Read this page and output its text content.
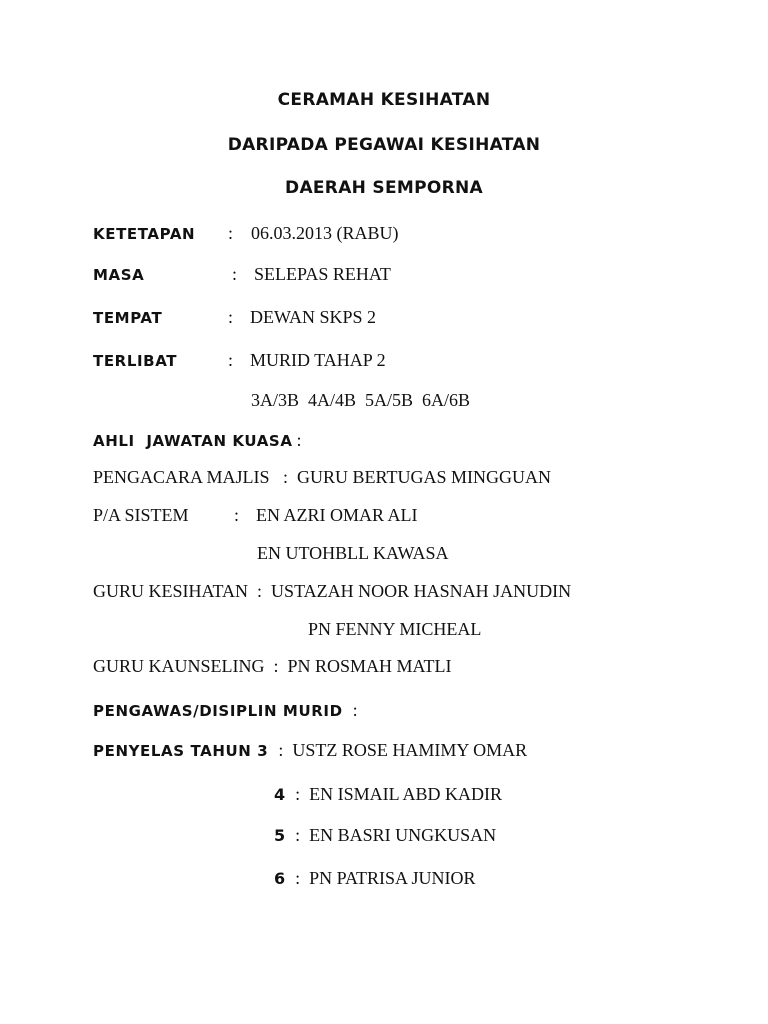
CERAMAH KESIHATAN
DARIPADA PEGAWAI KESIHATAN
DAERAH SEMPORNA
KETETAPAN : 06.03.2013 (RABU)
MASA	: SELEPAS REHAT
TEMPAT	: DEWAN SKPS 2
TERLIBAT	: MURID TAHAP 2
3A/3B  4A/4B  5A/5B  6A/6B
AHLI  JAWATAN KUASA :
PENGACARA MAJLIS   :  GURU BERTUGAS MINGGUAN
P/A SISTEM	: EN AZRI OMAR ALI
EN UTOHBLL KAWASA
GURU KESIHATAN  :  USTAZAH NOOR HASNAH JANUDIN
PN FENNY MICHEAL
GURU KAUNSELING  :  PN ROSMAH MATLI
PENGAWAS/DISIPLIN MURID :
PENYELAS TAHUN 3 :  USTZ ROSE HAMIMY OMAR
4 :  EN ISMAIL ABD KADIR
5 :  EN BASRI UNGKUSAN
6 :  PN PATRISA JUNIOR
